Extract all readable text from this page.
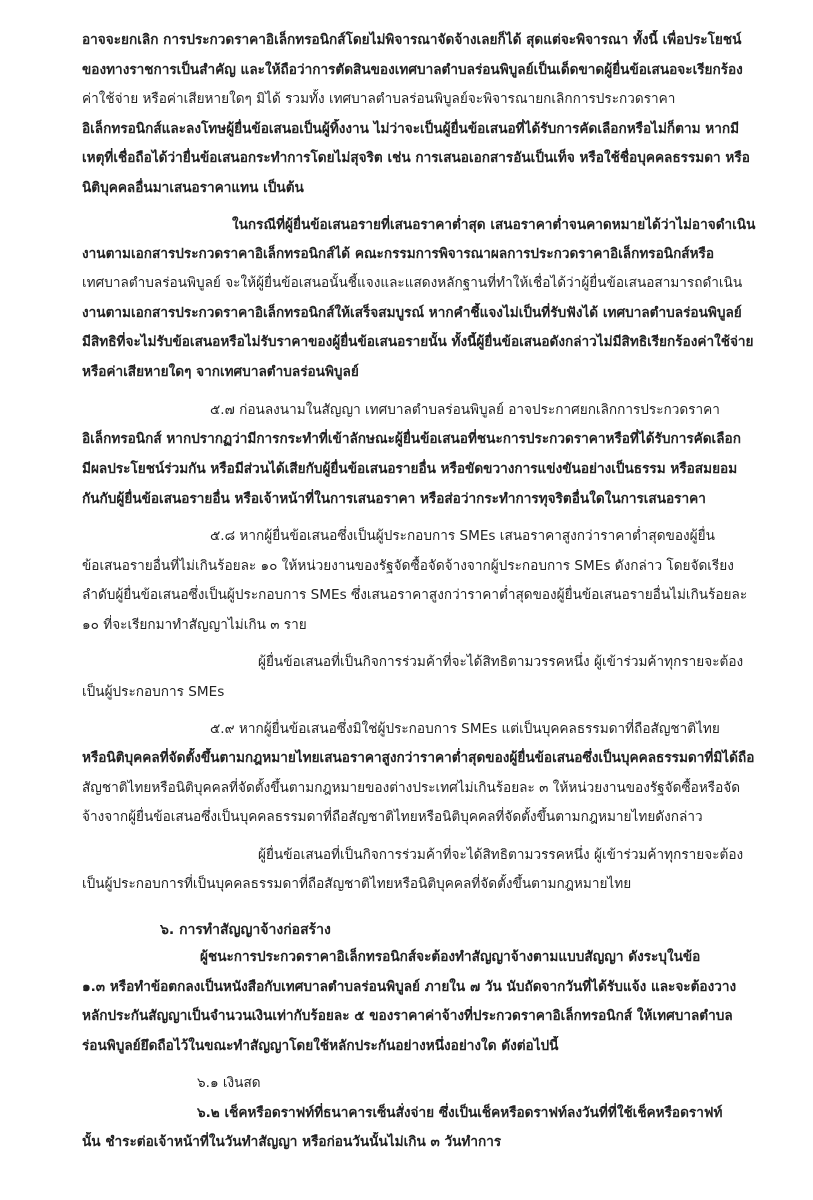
อาจจะยกเลิก การประกวดราคาอิเล็กทรอนิกส์โดยไม่พิจารณาจัดจ้างเลยก็ได้ สุดแต่จะพิจารณา ทั้งนี้ เพื่อประโยชน์
ของทางราชการเป็นสำคัญ และให้ถือว่าการตัดสินของเทศบาลตำบลร่อนพิบูลย์เป็นเด็ดขาดผู้ยื่นข้อเสนอจะเรียกร้อง
ค่าใช้จ่าย หรือค่าเสียหายใดๆ มิได้ รวมทั้ง เทศบาลตำบลร่อนพิบูลย์จะพิจารณายกเลิกการประกวดราคา
อิเล็กทรอนิกส์และลงโทษผู้ยื่นข้อเสนอเป็นผู้ทิ้งงาน ไม่ว่าจะเป็นผู้ยื่นข้อเสนอที่ได้รับการคัดเลือกหรือไม่ก็ตาม หากมี
เหตุที่เชื่อถือได้ว่ายื่นข้อเสนอกระทำการโดยไม่สุจริต เช่น การเสนอเอกสารอันเป็นเท็จ หรือใช้ชื่อบุคคลธรรมดา หรือ
นิติบุคคลอื่นมาเสนอราคาแทน เป็นต้น
ในกรณีที่ผู้ยื่นข้อเสนอรายที่เสนอราคาต่ำสุด เสนอราคาต่ำจนคาดหมายได้ว่าไม่อาจดำเนิน
งานตามเอกสารประกวดราคาอิเล็กทรอนิกส์ได้ คณะกรรมการพิจารณาผลการประกวดราคาอิเล็กทรอนิกส์หรือ
เทศบาลตำบลร่อนพิบูลย์ จะให้ผู้ยื่นข้อเสนอนั้นชี้แจงและแสดงหลักฐานที่ทำให้เชื่อได้ว่าผู้ยื่นข้อเสนอสามารถดำเนิน
งานตามเอกสารประกวดราคาอิเล็กทรอนิกส์ให้เสร็จสมบูรณ์ หากคำชี้แจงไม่เป็นที่รับฟังได้ เทศบาลตำบลร่อนพิบูลย์
มีสิทธิที่จะไม่รับข้อเสนอหรือไม่รับราคาของผู้ยื่นข้อเสนอรายนั้น ทั้งนี้ผู้ยื่นข้อเสนอดังกล่าวไม่มีสิทธิเรียกร้องค่าใช้จ่าย
หรือค่าเสียหายใดๆ จากเทศบาลตำบลร่อนพิบูลย์
๕.๗ ก่อนลงนามในสัญญา เทศบาลตำบลร่อนพิบูลย์ อาจประกาศยกเลิกการประกวดราคา
อิเล็กทรอนิกส์ หากปรากฏว่ามีการกระทำที่เข้าลักษณะผู้ยื่นข้อเสนอที่ชนะการประกวดราคาหรือที่ได้รับการคัดเลือก
มีผลประโยชน์ร่วมกัน หรือมีส่วนได้เสียกับผู้ยื่นข้อเสนอรายอื่น หรือขัดขวางการแข่งขันอย่างเป็นธรรม หรือสมยอม
กันกับผู้ยื่นข้อเสนอรายอื่น หรือเจ้าหน้าที่ในการเสนอราคา หรือส่อว่ากระทำการทุจริตอื่นใดในการเสนอราคา
๕.๘ หากผู้ยื่นข้อเสนอซึ่งเป็นผู้ประกอบการ SMEs เสนอราคาสูงกว่าราคาต่ำสุดของผู้ยื่น
ข้อเสนอรายอื่นที่ไม่เกินร้อยละ ๑๐ ให้หน่วยงานของรัฐจัดซื้อจัดจ้างจากผู้ประกอบการ SMEs ดังกล่าว โดยจัดเรียง
ลำดับผู้ยื่นข้อเสนอซึ่งเป็นผู้ประกอบการ SMEs ซึ่งเสนอราคาสูงกว่าราคาต่ำสุดของผู้ยื่นข้อเสนอรายอื่นไม่เกินร้อยละ
๑๐ ที่จะเรียกมาทำสัญญาไม่เกิน ๓ ราย
ผู้ยื่นข้อเสนอที่เป็นกิจการร่วมค้าที่จะได้สิทธิตามวรรคหนึ่ง ผู้เข้าร่วมค้าทุกรายจะต้อง
เป็นผู้ประกอบการ SMEs
๕.๙ หากผู้ยื่นข้อเสนอซึ่งมิใช่ผู้ประกอบการ SMEs แต่เป็นบุคคลธรรมดาที่ถือสัญชาติไทย
หรือนิติบุคคลที่จัดตั้งขึ้นตามกฎหมายไทยเสนอราคาสูงกว่าราคาต่ำสุดของผู้ยื่นข้อเสนอซึ่งเป็นบุคคลธรรมดาที่มิได้ถือ
สัญชาติไทยหรือนิติบุคคลที่จัดตั้งขึ้นตามกฎหมายของต่างประเทศไม่เกินร้อยละ ๓ ให้หน่วยงานของรัฐจัดซื้อหรือจัด
จ้างจากผู้ยื่นข้อเสนอซึ่งเป็นบุคคลธรรมดาที่ถือสัญชาติไทยหรือนิติบุคคลที่จัดตั้งขึ้นตามกฎหมายไทยดังกล่าว
ผู้ยื่นข้อเสนอที่เป็นกิจการร่วมค้าที่จะได้สิทธิตามวรรคหนึ่ง ผู้เข้าร่วมค้าทุกรายจะต้อง
เป็นผู้ประกอบการที่เป็นบุคคลธรรมดาที่ถือสัญชาติไทยหรือนิติบุคคลที่จัดตั้งขึ้นตามกฎหมายไทย
๖. การทำสัญญาจ้างก่อสร้าง
ผู้ชนะการประกวดราคาอิเล็กทรอนิกส์จะต้องทำสัญญาจ้างตามแบบสัญญา ดังระบุในข้อ
๑.๓ หรือทำข้อตกลงเป็นหนังสือกับเทศบาลตำบลร่อนพิบูลย์ ภายใน ๗ วัน นับถัดจากวันที่ได้รับแจ้ง และจะต้องวาง
หลักประกันสัญญาเป็นจำนวนเงินเท่ากับร้อยละ ๕ ของราคาค่าจ้างที่ประกวดราคาอิเล็กทรอนิกส์ ให้เทศบาลตำบล
ร่อนพิบูลย์ยึดถือไว้ในขณะทำสัญญาโดยใช้หลักประกันอย่างหนึ่งอย่างใด ดังต่อไปนี้
๖.๑ เงินสด
๖.๒ เช็คหรือดราฟท์ที่ธนาคารเซ็นสั่งจ่าย ซึ่งเป็นเช็คหรือดราฟท์ลงวันที่ที่ใช้เช็คหรือดราฟท์
นั้น ชำระต่อเจ้าหน้าที่ในวันทำสัญญา หรือก่อนวันนั้นไม่เกิน ๓ วันทำการ
